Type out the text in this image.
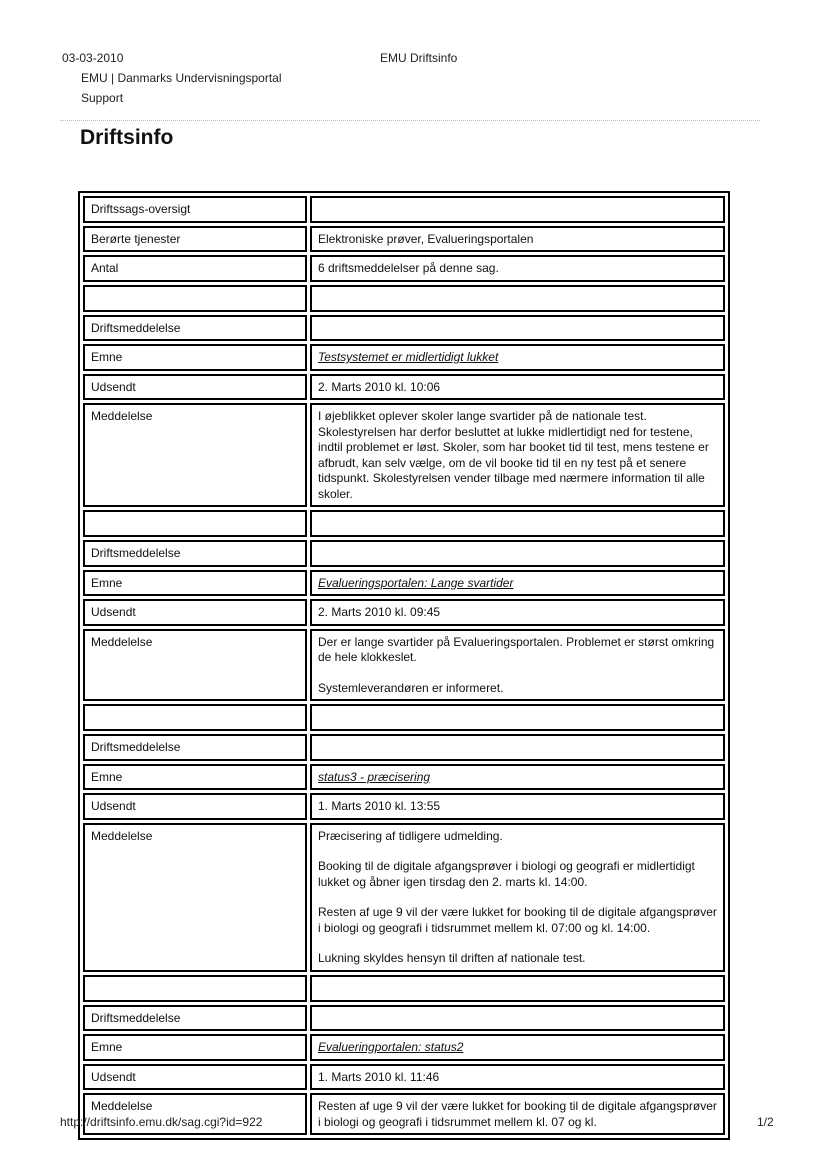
03-03-2010	EMU Driftsinfo
EMU | Danmarks Undervisningsportal
Support
Driftsinfo
Driftssags-oversigt	
Berørte tjenester	Elektroniske prøver, Evalueringsportalen
Antal	6 driftsmeddelelser på denne sag.

Driftsmeddelelse	
Emne	Testsystemet er midlertidigt lukket
Udsendt	2. Marts 2010 kl. 10:06
Meddelelse	I øjeblikket oplever skoler lange svartider på de nationale test. Skolestyrelsen har derfor besluttet at lukke midlertidigt ned for testene, indtil problemet er løst. Skoler, som har booket tid til test, mens testene er afbrudt, kan selv vælge, om de vil booke tid til en ny test på et senere tidspunkt. Skolestyrelsen vender tilbage med nærmere information til alle skoler.

Driftsmeddelelse	
Emne	Evalueringsportalen: Lange svartider
Udsendt	2. Marts 2010 kl. 09:45
Meddelelse	Der er lange svartider på Evalueringsportalen. Problemet er størst omkring de hele klokkeslet.
Systemleverandøren er informeret.

Driftsmeddelelse	
Emne	status3 - præcisering
Udsendt	1. Marts 2010 kl. 13:55
Meddelelse	Præcisering af tidligere udmelding.
Booking til de digitale afgangsprøver i biologi og geografi er midlertidigt lukket og åbner igen tirsdag den 2. marts kl. 14:00.
Resten af uge 9 vil der være lukket for booking til de digitale afgangsprøver i biologi og geografi i tidsrummet mellem kl. 07:00 og kl. 14:00.
Lukning skyldes hensyn til driften af nationale test.

Driftsmeddelelse	
Emne	Evalueringportalen: status2
Udsendt	1. Marts 2010 kl. 11:46
Meddelelse	Resten af uge 9 vil der være lukket for booking til de digitale afgangsprøver i biologi og geografi i tidsrummet mellem kl. 07 og kl.
http://driftsinfo.emu.dk/sag.cgi?id=922	1/2
